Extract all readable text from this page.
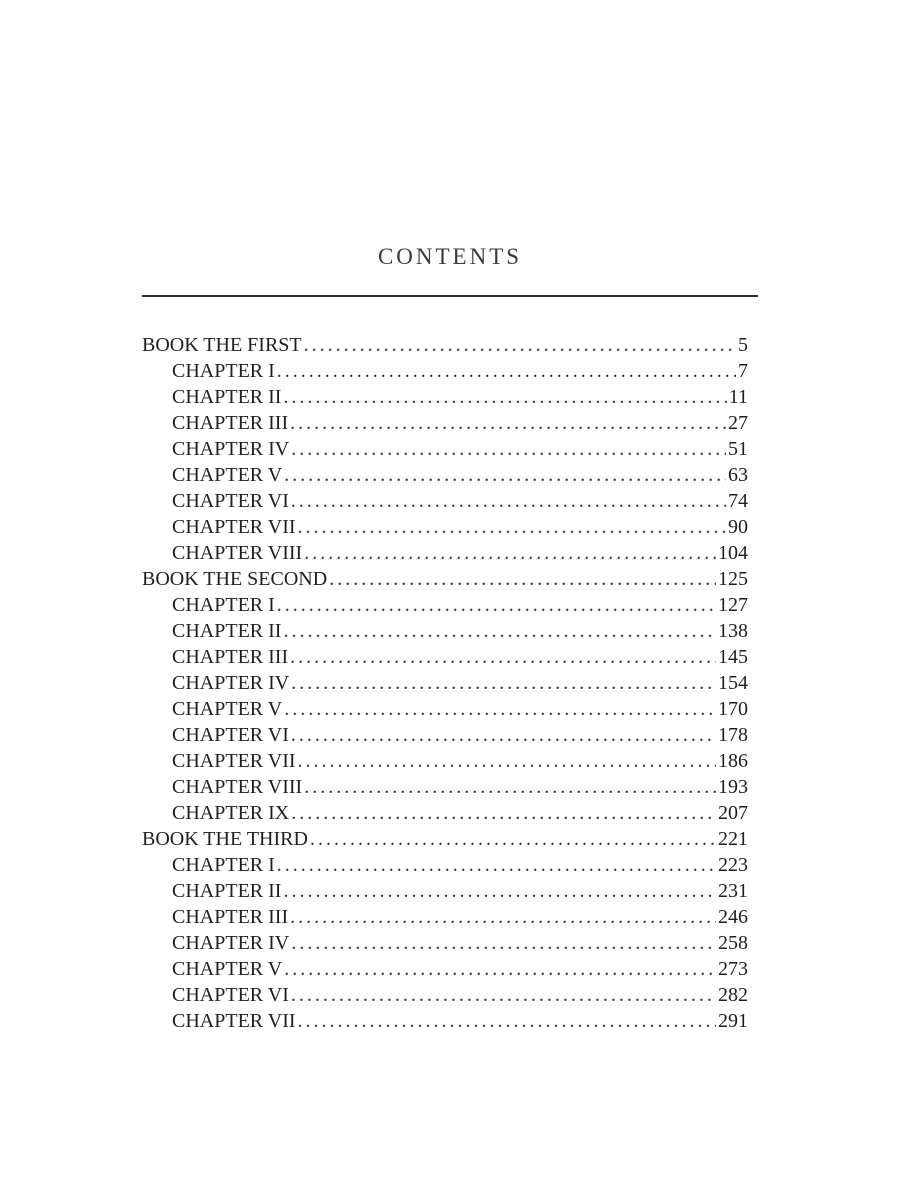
CONTENTS
BOOK THE FIRST .....	5
CHAPTER I .....	7
CHAPTER II .....	11
CHAPTER III .....	27
CHAPTER IV .....	51
CHAPTER V .....	63
CHAPTER VI .....	74
CHAPTER VII .....	90
CHAPTER VIII .....	104
BOOK THE SECOND .....	125
CHAPTER I .....	127
CHAPTER II .....	138
CHAPTER III .....	145
CHAPTER IV .....	154
CHAPTER V .....	170
CHAPTER VI .....	178
CHAPTER VII .....	186
CHAPTER VIII .....	193
CHAPTER IX .....	207
BOOK THE THIRD .....	221
CHAPTER I .....	223
CHAPTER II .....	231
CHAPTER III .....	246
CHAPTER IV .....	258
CHAPTER V .....	273
CHAPTER VI .....	282
CHAPTER VII .....	291
